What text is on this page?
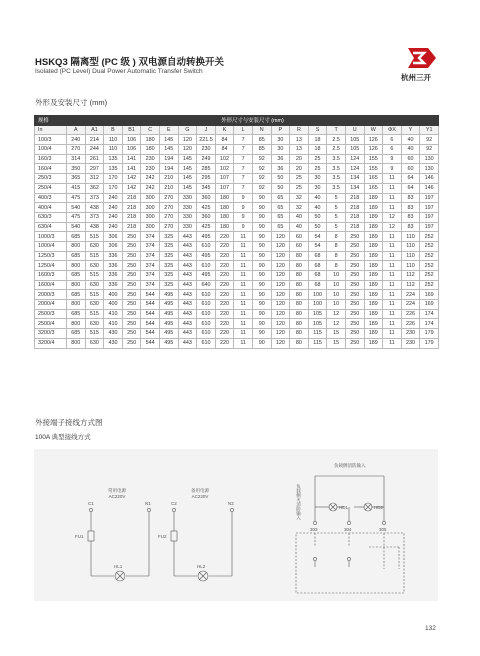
HSKQ3 隔离型 (PC 级 ) 双电源自动转换开关
Isolated (PC Level) Dual Power Automatic Transfer Switch
杭州三开
外形及安装尺寸 (mm)
规格	外形尺寸与安装尺寸 (mm)																			
In	A	A1	B	B1	C	E	G	J	K	L	N	P	R	S	T	U	W	ΦX	Y	Y1
100/3	240	214	110	106	180	145	120	221.5	84	7	85	30	13	18	2.5	105	126	6	40	92
100/4	270	244	110	106	180	145	120	230	84	7	85	30	13	18	2.5	105	126	6	40	92
160/3	314	261	135	141	230	194	145	249	102	7	92	36	20	25	3.5	124	155	9	60	130
160/4	350	297	135	141	230	194	145	285	102	7	92	36	20	25	3.5	124	155	9	60	130
250/3	365	312	170	142	242	210	145	295	107	7	92	50	25	30	3.5	134	165	11	64	146
250/4	415	362	170	142	242	210	145	345	107	7	92	50	25	30	3.5	134	165	11	64	146
400/3	475	373	240	218	300	270	330	360	180	9	90	65	32	40	5	218	189	11	83	197
400/4	540	438	240	218	300	270	330	425	180	9	90	65	32	40	5	218	189	11	83	197
630/3	475	373	240	218	300	270	330	360	180	9	90	65	40	50	5	218	189	12	83	197
630/4	540	438	240	218	300	270	330	425	180	9	90	65	40	50	5	218	189	12	83	197
1000/3	685	515	306	250	374	325	443	495	220	11	90	120	60	54	8	250	189	11	110	252
1000/4	800	630	306	250	374	325	443	610	220	11	90	120	60	54	8	250	189	11	110	252
1250/3	685	515	336	250	374	325	443	495	220	11	90	120	80	68	8	250	189	11	110	252
1250/4	800	630	336	250	374	325	443	610	220	11	90	120	80	68	8	250	189	11	110	252
1600/3	685	515	336	250	374	325	443	495	220	11	90	120	80	68	10	250	189	11	112	252
1600/4	800	630	336	250	374	325	443	640	220	11	90	120	80	68	10	250	189	11	112	252
2000/3	685	515	400	250	544	495	443	610	220	11	90	120	80	100	10	250	189	11	224	169
2000/4	800	630	400	250	544	495	443	610	220	11	90	120	80	100	10	250	189	11	224	169
2500/3	685	515	410	250	544	495	443	610	220	11	90	120	80	105	12	250	189	11	226	174
2500/4	800	630	410	250	544	495	443	610	220	11	90	120	80	105	12	250	189	11	226	174
3200/3	685	515	430	250	544	495	443	610	220	11	90	120	80	115	15	250	189	11	230	179
3200/4	800	630	430	250	544	495	443	610	220	11	90	120	80	115	15	250	189	11	230	179
外接端子接线方式图
100A 典型接线方式
常用电源
AC220V
备用电源
AC220V
C1	N1	C2	N2
FU1	FU2
HL1	HL2
负载侧消防输入
HD1	HD2
303	304	305
负载侧火消防输入
132
